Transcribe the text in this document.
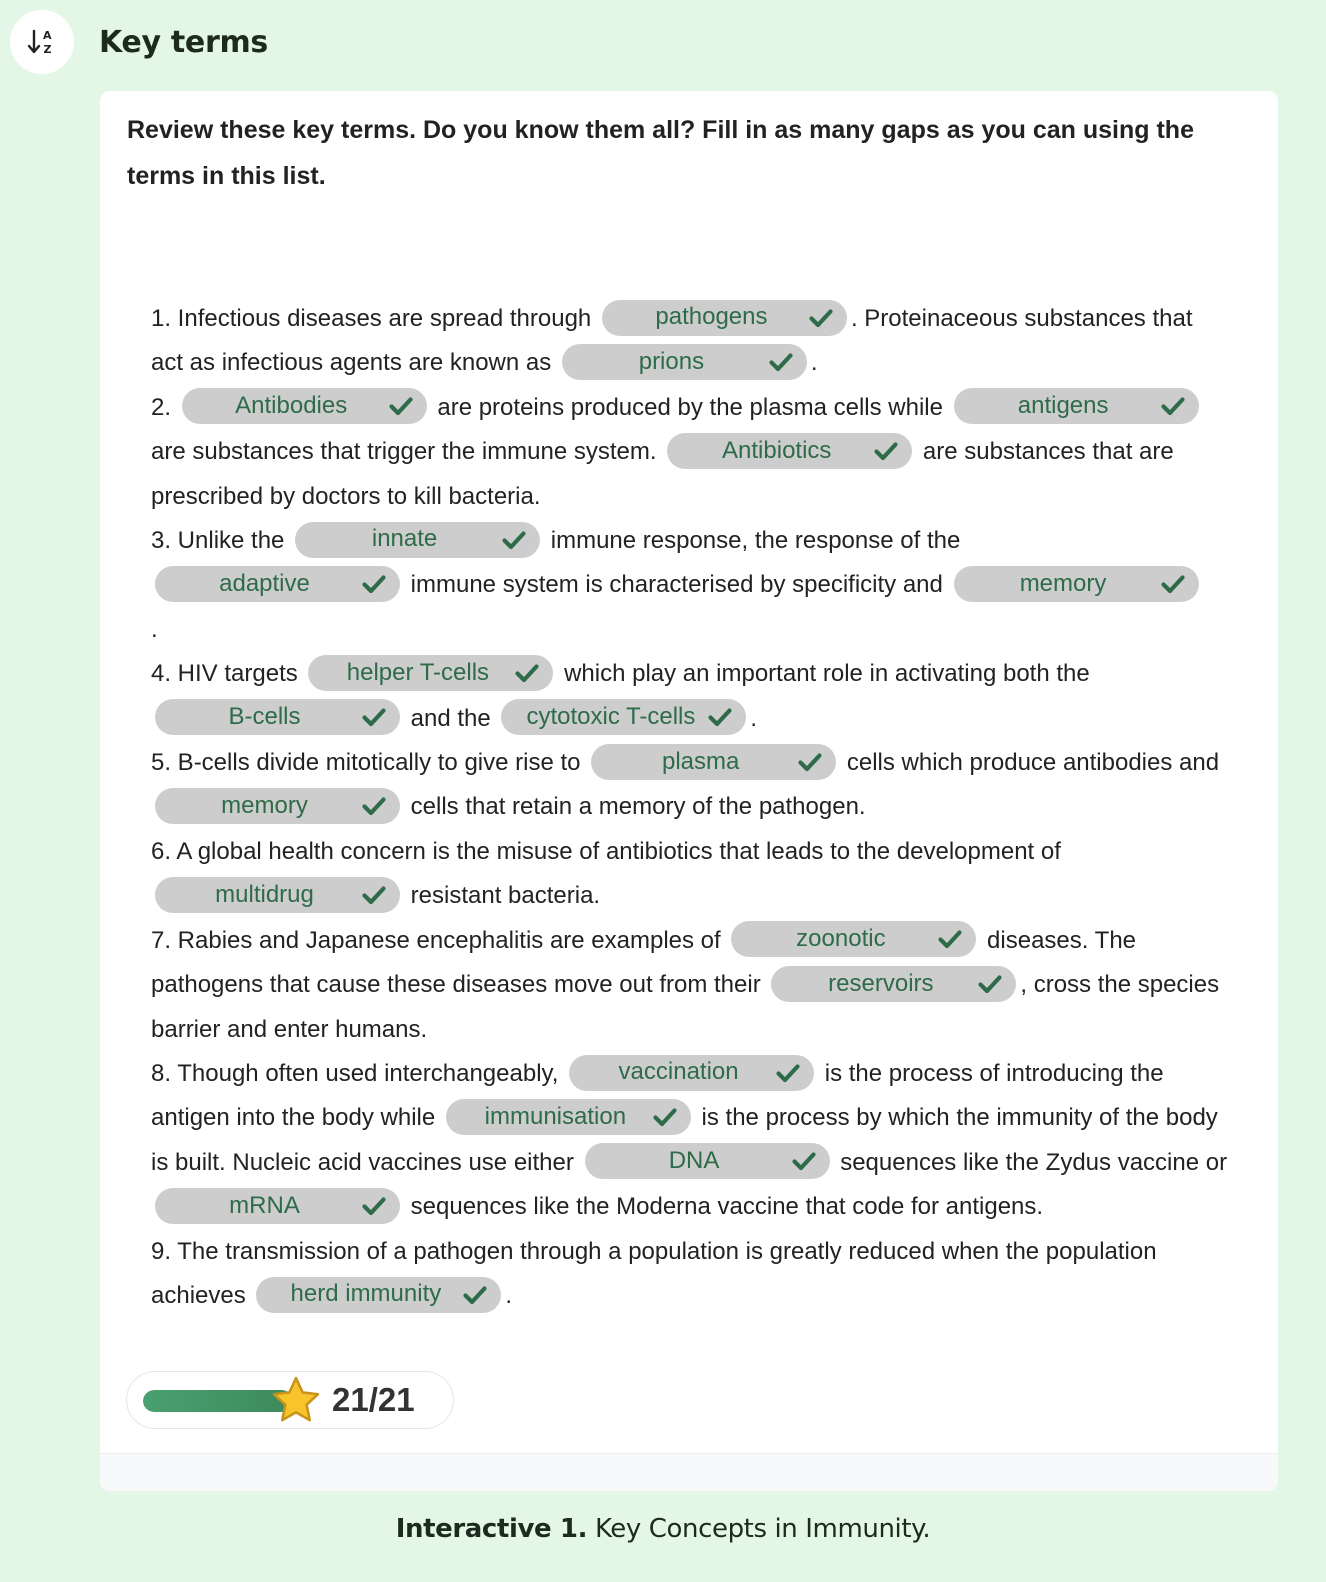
A
Z Key terms
Review these key terms. Do you know them all? Fill in as many gaps as you can using the terms in this list.
1. Infectious diseases are spread through	pathogens	. Proteinaceous substances that act as infectious agents are known as	prions	.
2.	Antibodies	are proteins produced by the plasma cells while	antigens
are substances that trigger the immune system.	Antibiotics	are substances that are prescribed by doctors to kill bacteria.
3. Unlike the	innate	immune response, the response of the

adaptive	immune system is characterised by specificity and	memory

.
4. HIV targets	helper T-cells	which play an important role in activating both the

B-cells	and the	cytotoxic T-cells	.
5. B-cells divide mitotically to give rise to	plasma	cells which produce antibodies and
memory	cells that retain a memory of the pathogen.
6. A global health concern is the misuse of antibiotics that leads to the development of
multidrug	resistant bacteria.
7. Rabies and Japanese encephalitis are examples of	zoonotic	diseases. The pathogens that cause these diseases move out from their	reservoirs	, cross the species barrier and enter humans.
8. Though often used interchangeably,	vaccination	is the process of introducing the antigen into the body while	immunisation	is the process by which the immunity of the body is built. Nucleic acid vaccines use either	DNA	sequences like the Zydus vaccine or
mRNA	sequences like the Moderna vaccine that code for antigens.
9. The transmission of a pathogen through a population is greatly reduced when the population achieves	herd immunity	.
21/21
Interactive 1. Key Concepts in Immunity.
